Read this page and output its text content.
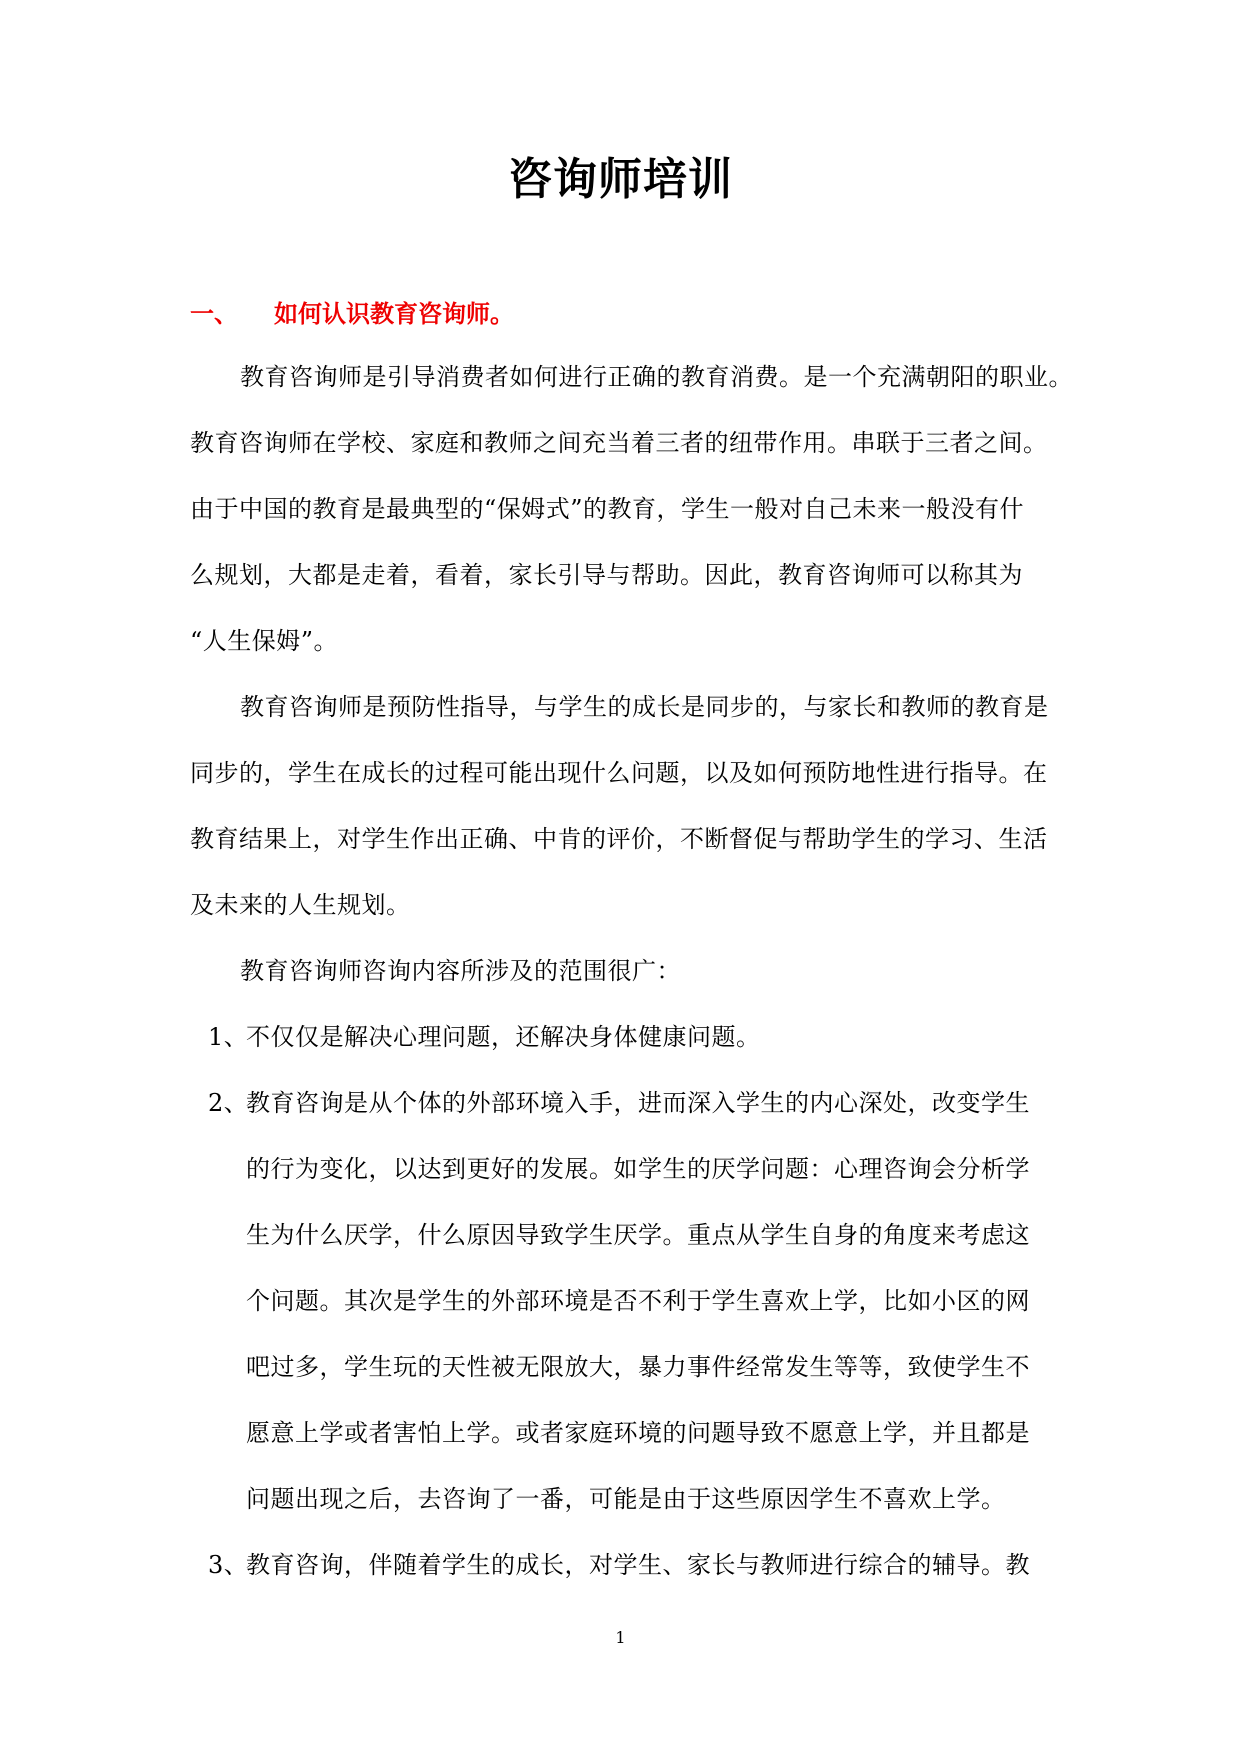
咨询师培训
一、 如何认识教育咨询师。
教育咨询师是引导消费者如何进行正确的教育消费。是一个充满朝阳的职业。
教育咨询师在学校、家庭和教师之间充当着三者的纽带作用。串联于三者之间。
由于中国的教育是最典型的“保姆式”的教育，学生一般对自己未来一般没有什
么规划，大都是走着，看着，家长引导与帮助。因此，教育咨询师可以称其为
“人生保姆”。
教育咨询师是预防性指导，与学生的成长是同步的，与家长和教师的教育是
同步的，学生在成长的过程可能出现什么问题，以及如何预防地性进行指导。在
教育结果上，对学生作出正确、中肯的评价，不断督促与帮助学生的学习、生活
及未来的人生规划。
教育咨询师咨询内容所涉及的范围很广：
1、
不仅仅是解决心理问题，还解决身体健康问题。
2、
教育咨询是从个体的外部环境入手，进而深入学生的内心深处，改变学生
的行为变化，以达到更好的发展。如学生的厌学问题：心理咨询会分析学
生为什么厌学，什么原因导致学生厌学。重点从学生自身的角度来考虑这
个问题。其次是学生的外部环境是否不利于学生喜欢上学，比如小区的网
吧过多，学生玩的天性被无限放大，暴力事件经常发生等等，致使学生不
愿意上学或者害怕上学。或者家庭环境的问题导致不愿意上学，并且都是
问题出现之后，去咨询了一番，可能是由于这些原因学生不喜欢上学。
3、
教育咨询，伴随着学生的成长，对学生、家长与教师进行综合的辅导。教
1
